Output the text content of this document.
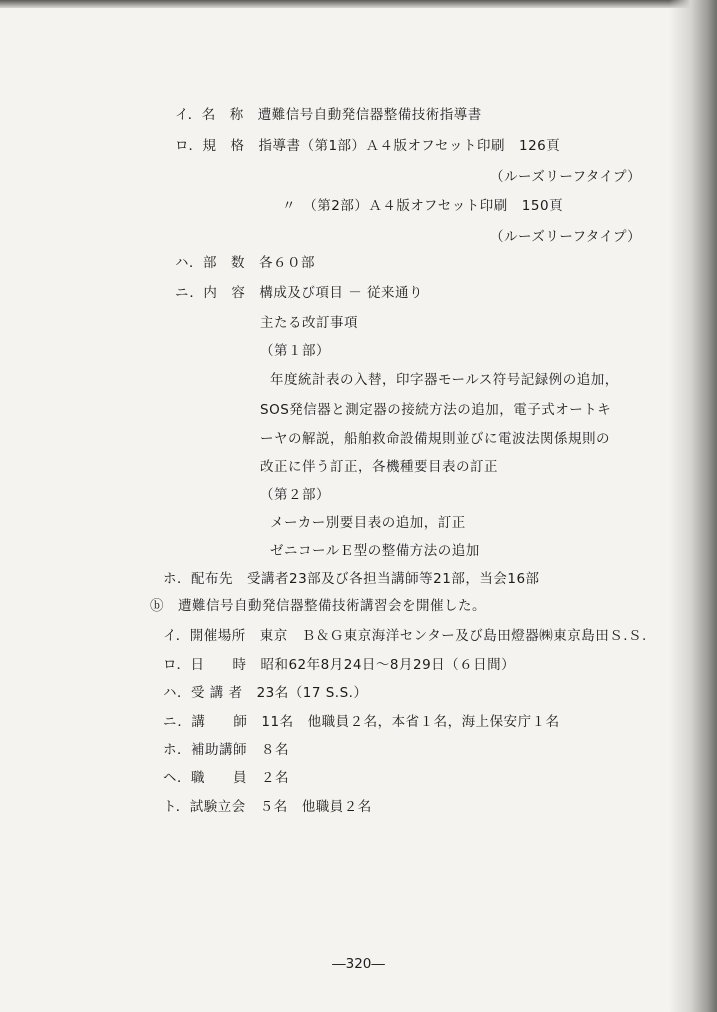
イ．名　称　遭難信号自動発信器整備技術指導書
ロ．規　格　指導書（第1部）Ａ４版オフセット印刷　126頁
（ルーズリーフタイプ）
〃　（第2部）Ａ４版オフセット印刷　150頁
（ルーズリーフタイプ）
ハ．部　数　各６０部
ニ．内　容　構成及び項目 － 従来通り
主たる改訂事項
（第１部）
年度統計表の入替，印字器モールス符号記録例の追加，
SOS発信器と測定器の接続方法の追加，電子式オートキ
ーヤの解説，船舶救命設備規則並びに電波法関係規則の
改正に伴う訂正，各機種要目表の訂正
（第２部）
メーカー別要目表の追加，訂正
ゼニコールＥ型の整備方法の追加
ホ．配布先　受講者23部及び各担当講師等21部，当会16部
ⓑ　遭難信号自動発信器整備技術講習会を開催した。
イ．開催場所　東京　Ｂ＆Ｇ東京海洋センター及び島田燈器㈱東京島田Ｓ.Ｓ.
ロ．日　　時　昭和62年8月24日～8月29日（６日間）
ハ．受 講 者　23名（17 S.S.）
ニ．講　　師　11名　他職員２名，本省１名，海上保安庁１名
ホ．補助講師　８名
ヘ．職　　員　２名
ト．試験立会　５名　他職員２名
―320―
